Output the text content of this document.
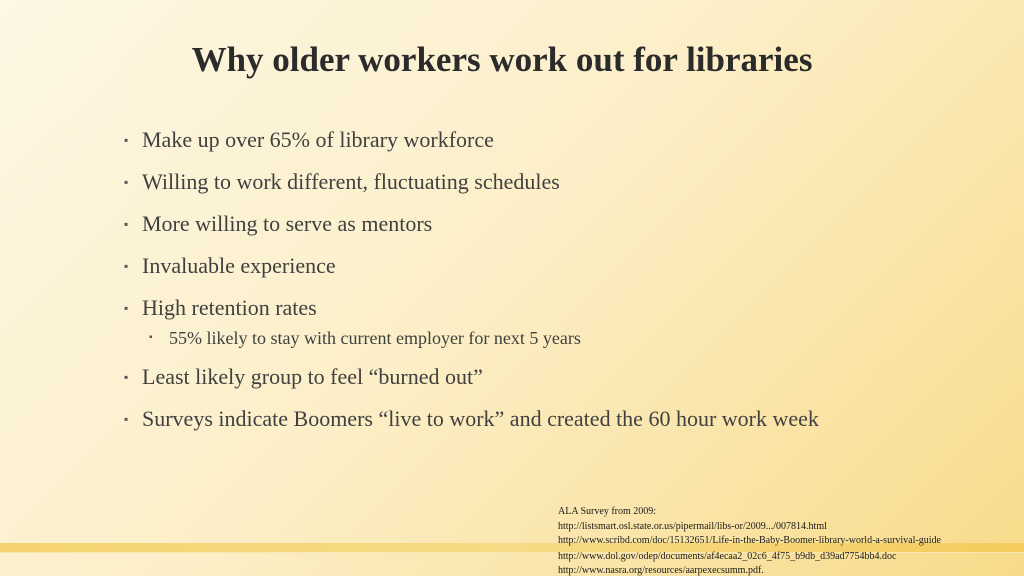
Why older workers work out for libraries
▪ Make up over 65% of library workforce
▪ Willing to work different, fluctuating schedules
▪ More willing to serve as mentors
▪ Invaluable experience
▪ High retention rates
▪ 55% likely to stay with current employer for next 5 years
▪ Least likely group to feel “burned out”
▪ Surveys indicate Boomers “live to work” and created the 60 hour work week
ALA Survey from 2009:
http://listsmart.osl.state.or.us/pipermail/libs-or/2009.../007814.html
http://www.scribd.com/doc/15132651/Life-in-the-Baby-Boomer-library-world-a-survival-guide
http://www.dol.gov/odep/documents/af4ecaa2_02c6_4f75_b9db_d39ad7754bb4.doc
http://www.nasra.org/resources/aarpexecsumm.pdf.
